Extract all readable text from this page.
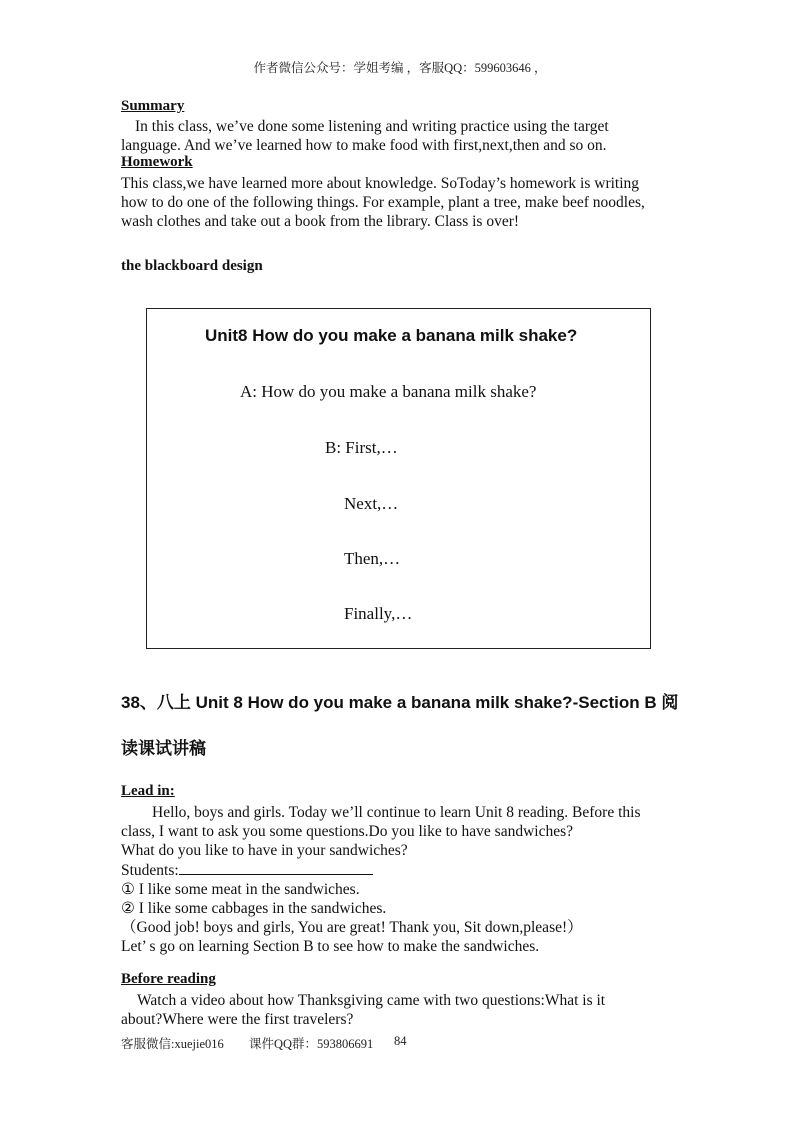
作者微信公众号：学姐考编 ，客服QQ：599603646 ，
Summary
In this class, we’ve done some listening and writing practice using the target
language. And we’ve learned how to make food with first,next,then and so on.
Homework
This class,we have learned more about knowledge. SoToday’s homework is writing
how to do one of the following things. For example, plant a tree, make beef noodles,
wash clothes and take out a book from the library. Class is over!
the blackboard design
Unit8 How do you make a banana milk shake?
A: How do you make a banana milk shake?
B: First,…
Next,…
Then,…
Finally,…
38、八上 Unit 8 How do you make a banana milk shake?-Section B 阅
读课试讲稿
Lead in:
Hello, boys and girls. Today we’ll continue to learn Unit 8 reading. Before this
class, I want to ask you some questions.Do you like to have sandwiches?
What do you like to have in your sandwiches?
Students:
① I like some meat in the sandwiches.
② I like some cabbages in the sandwiches.
（Good job! boys and girls, You are great! Thank you, Sit down,please!）
Let’ s go on learning Section B to see how to make the sandwiches.
Before reading
Watch a video about how Thanksgiving came with two questions:What is it
about?Where were the first travelers?
客服微信:xuejie016 课件QQ群：593806691 84
